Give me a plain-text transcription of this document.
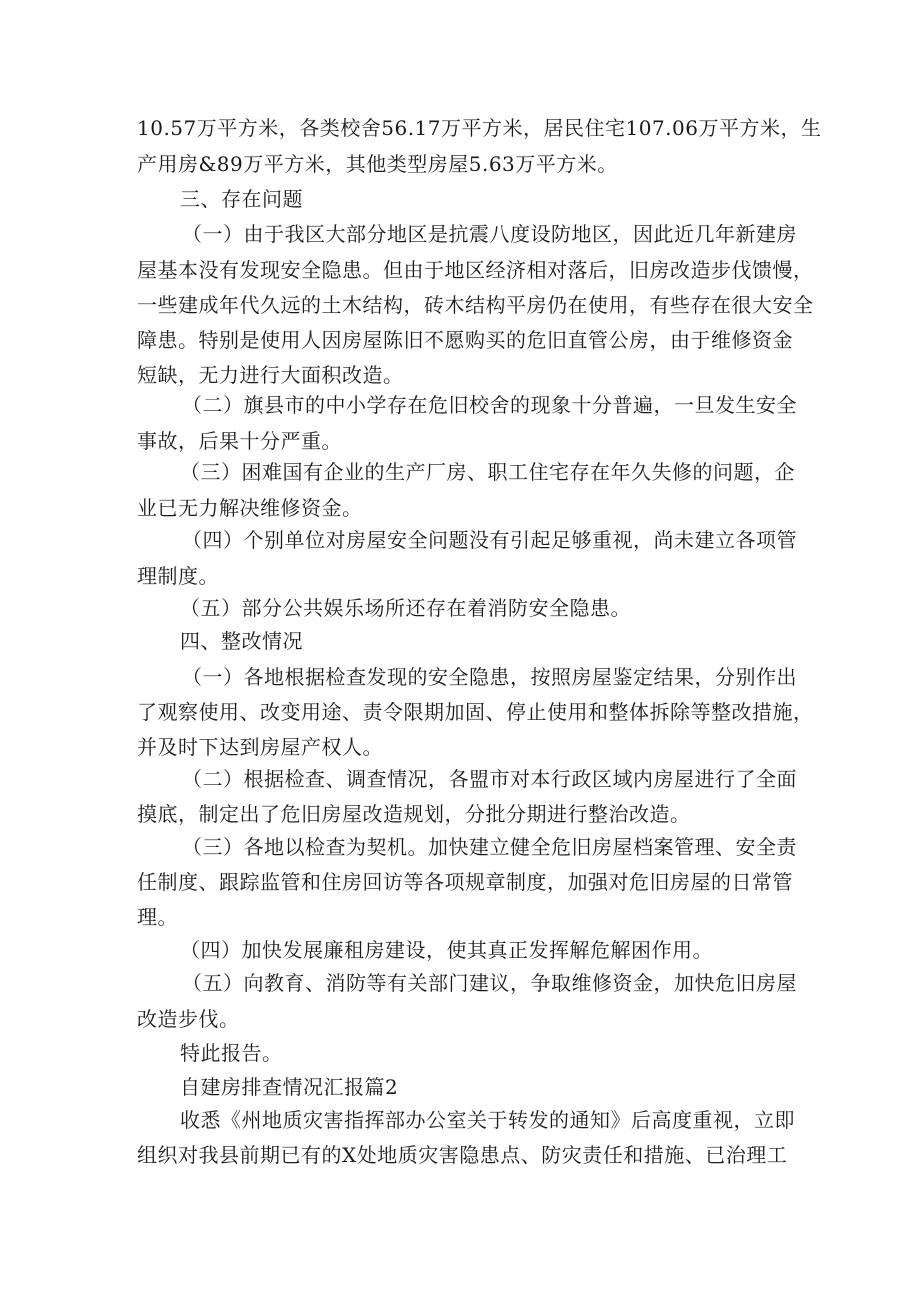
10.57万平方米，各类校舍56.17万平方米，居民住宅107.06万平方米，生
产用房&89万平方米，其他类型房屋5.63万平方米。
三、存在问题
（一）由于我区大部分地区是抗震八度设防地区，因此近几年新建房
屋基本没有发现安全隐患。但由于地区经济相对落后，旧房改造步伐馈慢，
一些建成年代久远的土木结构，砖木结构平房仍在使用，有些存在很大安全
障患。特别是使用人因房屋陈旧不愿购买的危旧直管公房，由于维修资金
短缺，无力进行大面积改造。
（二）旗县市的中小学存在危旧校舍的现象十分普遍，一旦发生安全
事故，后果十分严重。
（三）困难国有企业的生产厂房、职工住宅存在年久失修的问题，企
业已无力解决维修资金。
（四）个别单位对房屋安全问题没有引起足够重视，尚未建立各项管
理制度。
（五）部分公共娱乐场所还存在着消防安全隐患。
四、整改情况
（一）各地根据检查发现的安全隐患，按照房屋鉴定结果，分别作出
了观察使用、改变用途、责令限期加固、停止使用和整体拆除等整改措施，
并及时下达到房屋产权人。
（二）根据检查、调查情况，各盟市对本行政区域内房屋进行了全面
摸底，制定出了危旧房屋改造规划，分批分期进行整治改造。
（三）各地以检查为契机。加快建立健全危旧房屋档案管理、安全责
任制度、跟踪监管和住房回访等各项规章制度，加强对危旧房屋的日常管
理。
（四）加快发展廉租房建设，使其真正发挥解危解困作用。
（五）向教育、消防等有关部门建议，争取维修资金，加快危旧房屋
改造步伐。
特此报告。
自建房排查情况汇报篇2
收悉《州地质灾害指挥部办公室关于转发的通知》后高度重视，立即
组织对我县前期已有的X处地质灾害隐患点、防灾责任和措施、已治理工
